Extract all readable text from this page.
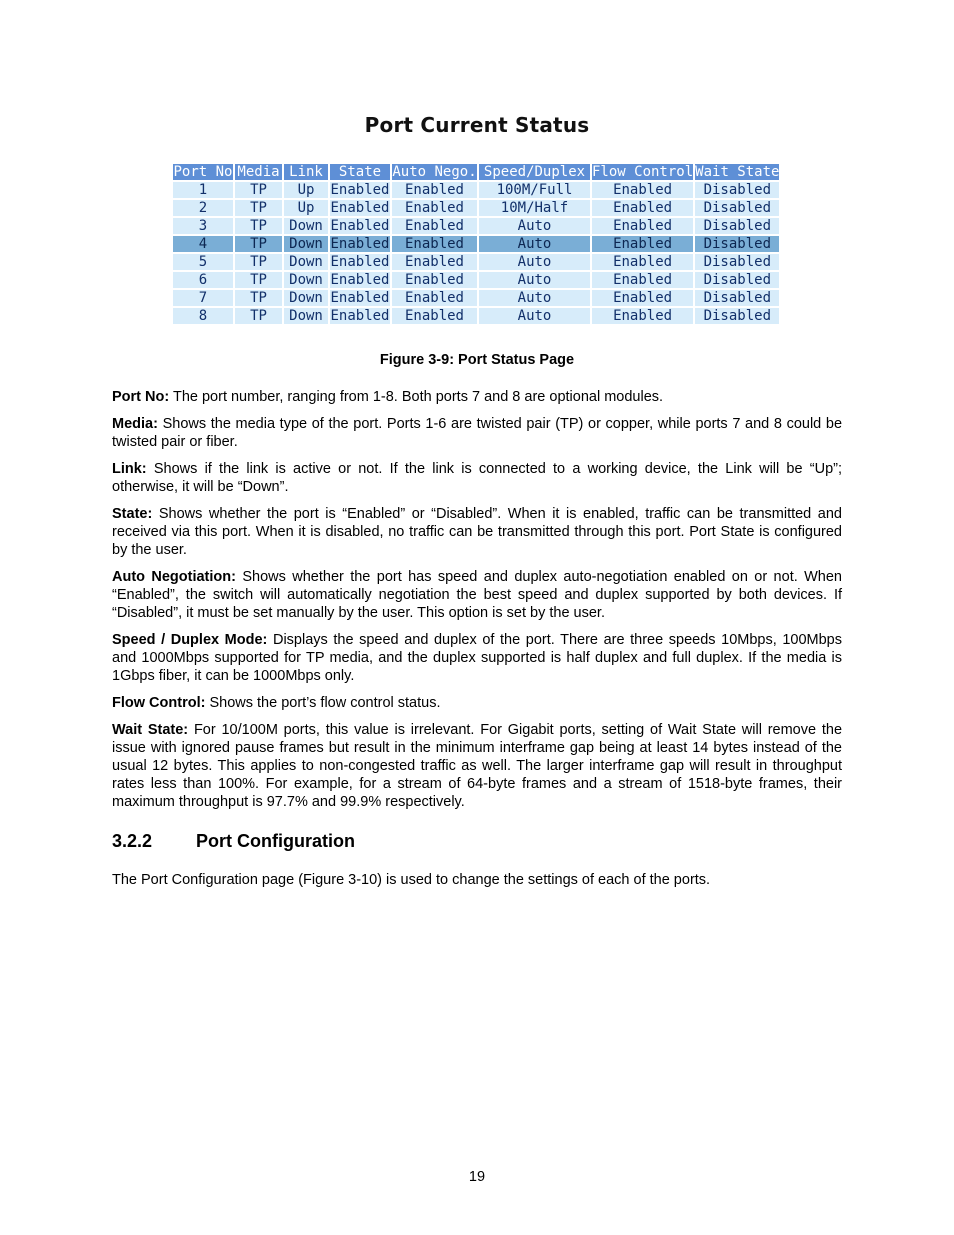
Port Current Status
Port No	Media	Link	State	Auto Nego.	Speed/Duplex	Flow Control	Wait State
1	TP	Up	Enabled	Enabled	100M/Full	Enabled	Disabled
2	TP	Up	Enabled	Enabled	10M/Half	Enabled	Disabled
3	TP	Down	Enabled	Enabled	Auto	Enabled	Disabled
4	TP	Down	Enabled	Enabled	Auto	Enabled	Disabled
5	TP	Down	Enabled	Enabled	Auto	Enabled	Disabled
6	TP	Down	Enabled	Enabled	Auto	Enabled	Disabled
7	TP	Down	Enabled	Enabled	Auto	Enabled	Disabled
8	TP	Down	Enabled	Enabled	Auto	Enabled	Disabled
Figure 3-9: Port Status Page

Port No: The port number, ranging from 1-8. Both ports 7 and 8 are optional modules.

Media: Shows the media type of the port. Ports 1-6 are twisted pair (TP) or copper, while ports 7 and 8 could be twisted pair or fiber.

Link: Shows if the link is active or not. If the link is connected to a working device, the Link will be “Up”; otherwise, it will be “Down”.

State: Shows whether the port is “Enabled” or “Disabled”. When it is enabled, traffic can be transmitted and received via this port. When it is disabled, no traffic can be transmitted through this port. Port State is configured by the user.

Auto Negotiation: Shows whether the port has speed and duplex auto-negotiation enabled on or not. When “Enabled”, the switch will automatically negotiation the best speed and duplex supported by both devices. If “Disabled”, it must be set manually by the user. This option is set by the user.

Speed / Duplex Mode: Displays the speed and duplex of the port. There are three speeds 10Mbps, 100Mbps and 1000Mbps supported for TP media, and the duplex supported is half duplex and full duplex. If the media is 1Gbps fiber, it can be 1000Mbps only.

Flow Control: Shows the port’s flow control status.

Wait State: For 10/100M ports, this value is irrelevant. For Gigabit ports, setting of Wait State will remove the issue with ignored pause frames but result in the minimum interframe gap being at least 14 bytes instead of the usual 12 bytes. This applies to non-congested traffic as well. The larger interframe gap will result in throughput rates less than 100%. For example, for a stream of 64-byte frames and a stream of 1518-byte frames, their maximum throughput is 97.7% and 99.9% respectively.

3.2.2 Port Configuration
The Port Configuration page (Figure 3-10) is used to change the settings of each of the ports.
19
